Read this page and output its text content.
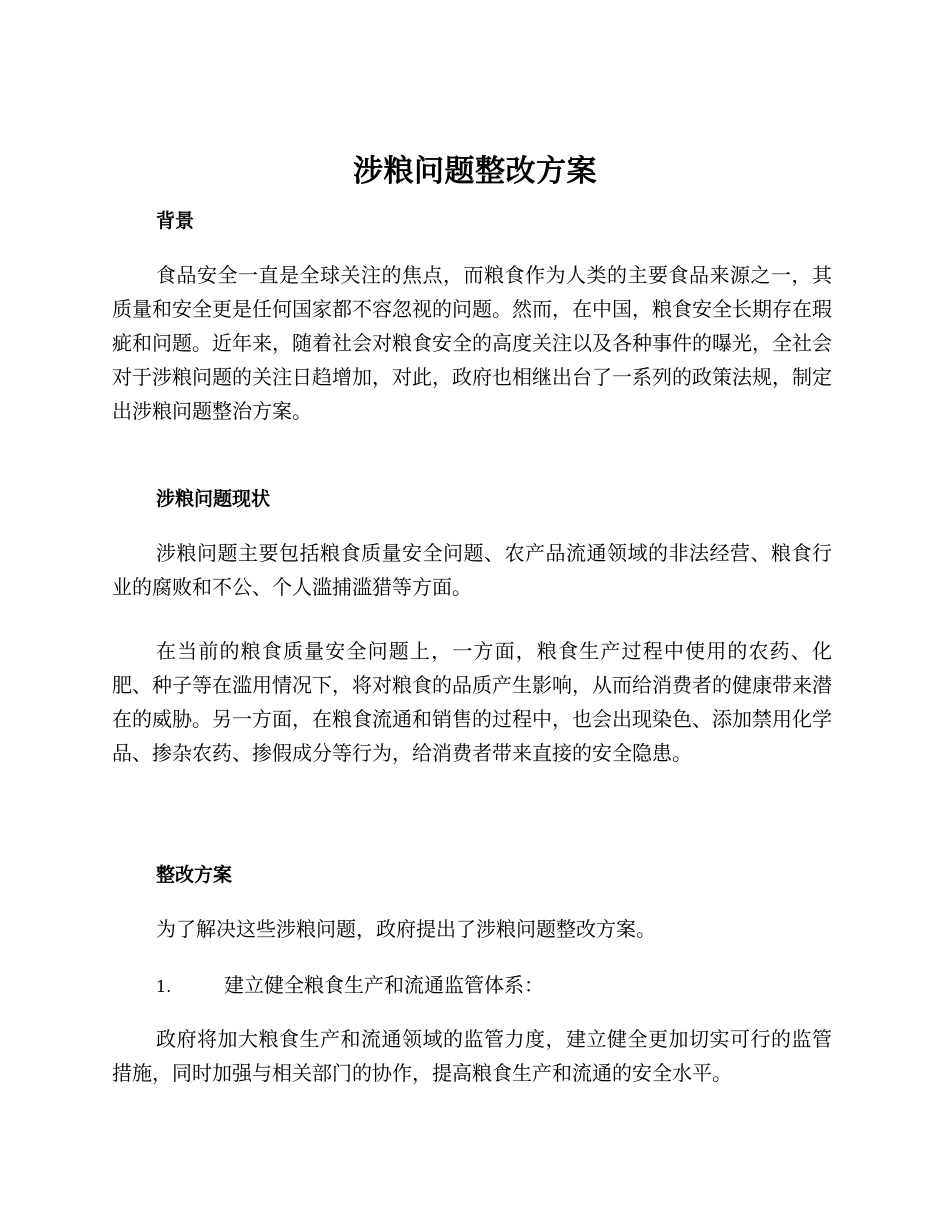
涉粮问题整改方案
背景

食品安全一直是全球关注的焦点，而粮食作为人类的主要食品来源之一，其质量和安全更是任何国家都不容忽视的问题。然而，在中国，粮食安全长期存在瑕疵和问题。近年来，随着社会对粮食安全的高度关注以及各种事件的曝光，全社会对于涉粮问题的关注日趋增加，对此，政府也相继出台了一系列的政策法规，制定出涉粮问题整治方案。

涉粮问题现状

涉粮问题主要包括粮食质量安全问题、农产品流通领域的非法经营、粮食行业的腐败和不公、个人滥捕滥猎等方面。

在当前的粮食质量安全问题上，一方面，粮食生产过程中使用的农药、化肥、种子等在滥用情况下，将对粮食的品质产生影响，从而给消费者的健康带来潜在的威胁。另一方面，在粮食流通和销售的过程中，也会出现染色、添加禁用化学品、掺杂农药、掺假成分等行为，给消费者带来直接的安全隐患。

整改方案

为了解决这些涉粮问题，政府提出了涉粮问题整改方案。

1.	建立健全粮食生产和流通监管体系：

政府将加大粮食生产和流通领域的监管力度，建立健全更加切实可行的监管措施，同时加强与相关部门的协作，提高粮食生产和流通的安全水平。
